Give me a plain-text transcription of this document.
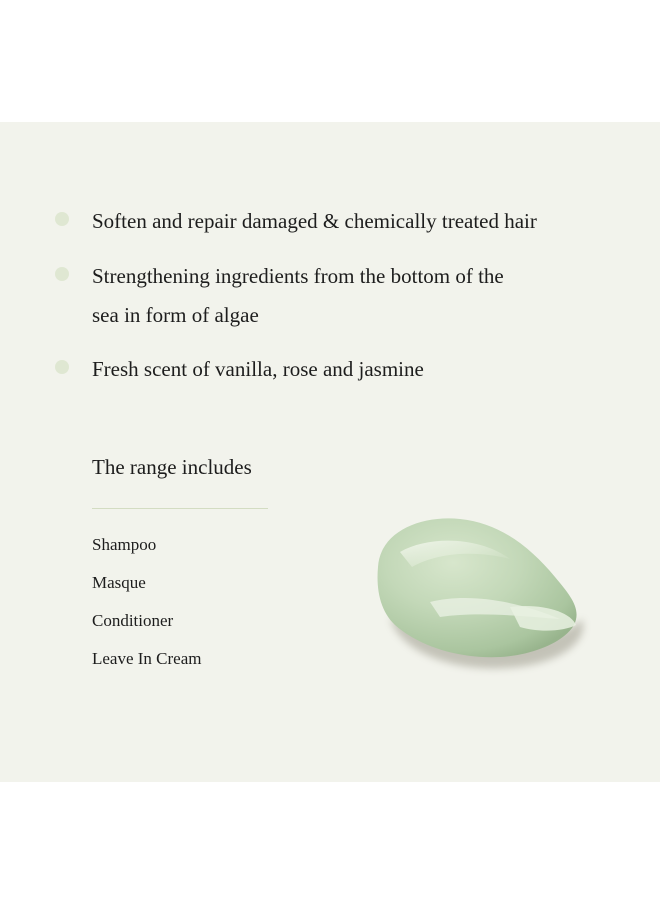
Soften and repair damaged & chemically treated hair
Strengthening ingredients from the bottom of the
sea in form of algae
Fresh scent of vanilla, rose and jasmine
The range includes
Shampoo
Masque
Conditioner
Leave In Cream
